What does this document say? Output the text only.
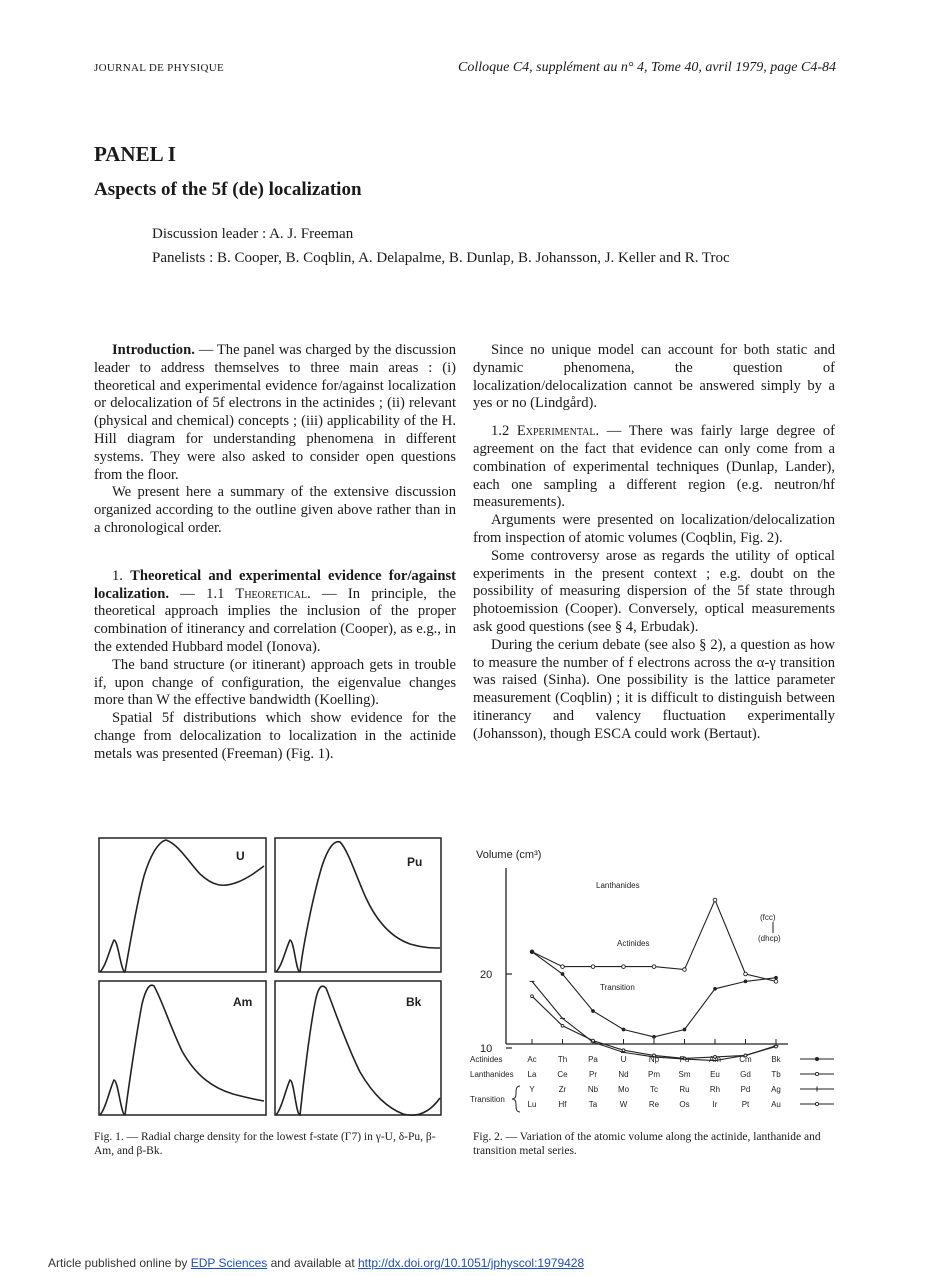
JOURNAL DE PHYSIQUE	Colloque C4, supplément au n° 4, Tome 40, avril 1979, page C4-84
PANEL I
Aspects of the 5f (de) localization
Discussion leader : A. J. Freeman
Panelists : B. Cooper, B. Coqblin, A. Delapalme, B. Dunlap, B. Johansson, J. Keller and R. Troc

Introduction. — The panel was charged by the discussion leader to address themselves to three main areas : (i) theoretical and experimental evidence for/against localization or delocalization of 5f electrons in the actinides ; (ii) relevant (physical and chemical) concepts ; (iii) applicability of the H. Hill diagram for understanding phenomena in different systems. They were also asked to consider open questions from the floor.

We present here a summary of the extensive discussion organized according to the outline given above rather than in a chronological order.

1. Theoretical and experimental evidence for/against localization. — 1.1 Theoretical. — In principle, the theoretical approach implies the inclusion of the proper combination of itinerancy and correlation (Cooper), as e.g., in the extended Hubbard model (Ionova).

The band structure (or itinerant) approach gets in trouble if, upon change of configuration, the eigenvalue changes more than W the effective bandwidth (Koelling).

Spatial 5f distributions which show evidence for the change from delocalization to localization in the actinide metals was presented (Freeman) (Fig. 1).

Since no unique model can account for both static and dynamic phenomena, the question of localization/delocalization cannot be answered simply by a yes or no (Lindgård).

1.2 Experimental. — There was fairly large degree of agreement on the fact that evidence can only come from a combination of experimental techniques (Dunlap, Lander), each one sampling a different region (e.g. neutron/hf measurements).

Arguments were presented on localization/delocalization from inspection of atomic volumes (Coqblin, Fig. 2).

Some controversy arose as regards the utility of optical experiments in the present context ; e.g. doubt on the possibility of measuring dispersion of the 5f state through photoemission (Cooper). Conversely, optical measurements ask good questions (see § 4, Erbudak).

During the cerium debate (see also § 2), a question as how to measure the number of f electrons across the α-γ transition was raised (Sinha). One possibility is the lattice parameter measurement (Coqblin) ; it is difficult to distinguish between itinerancy and valency fluctuation experimentally (Johansson), though ESCA could work (Bertaut).

U	Pu
Am	Bk
Fig. 1. — Radial charge density for the lowest f-state (Γ7) in γ-U, δ-Pu, β-Am, and β-Bk.
Volume (cm³)
10
20
Lanthanides
Actinides
Transition
(fcc)
(dhcp)
Actinides
Lanthanides
Transition
Ac	Th	Pa	U	Np	Pu Am Cm Bk
La	Ce	Pr	Nd Pm Sm Eu	Gd	Tb
Y	Zr	Nb Mo	Tc	Ru	Rh	Pd	Ag
Lu	Hf	Ta	W	Re	Os	Ir	Pt	Au
Fig. 2. — Variation of the atomic volume along the actinide, lanthanide and transition metal series.
Article published online by EDP Sciences and available at http://dx.doi.org/10.1051/jphyscol:1979428
